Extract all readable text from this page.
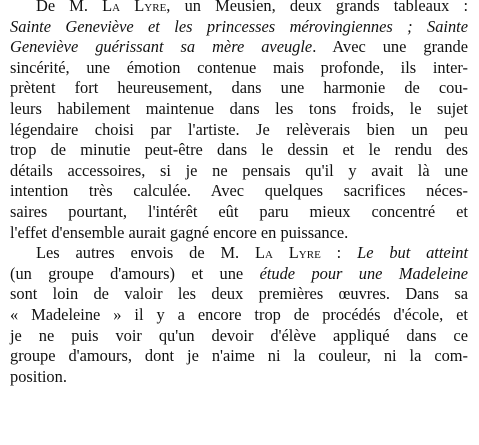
De M. La Lyre, un Meusien, deux grands tableaux :
Sainte Geneviève et les princesses mérovingiennes ; Sainte
Geneviève guérissant sa mère aveugle. Avec une grande
sincérité, une émotion contenue mais profonde, ils inter-
prètent fort heureusement, dans une harmonie de cou-
leurs habilement maintenue dans les tons froids, le sujet
légendaire choisi par l'artiste. Je relèverais bien un peu
trop de minutie peut-être dans le dessin et le rendu des
détails accessoires, si je ne pensais qu'il y avait là une
intention très calculée. Avec quelques sacrifices néces-
saires pourtant, l'intérêt eût paru mieux concentré et
l'effet d'ensemble aurait gagné encore en puissance.
Les autres envois de M. La Lyre : Le but atteint
(un groupe d'amours) et une étude pour une Madeleine
sont loin de valoir les deux premières œuvres. Dans sa
« Madeleine » il y a encore trop de procédés d'école, et
je ne puis voir qu'un devoir d'élève appliqué dans ce
groupe d'amours, dont je n'aime ni la couleur, ni la com-
position.
